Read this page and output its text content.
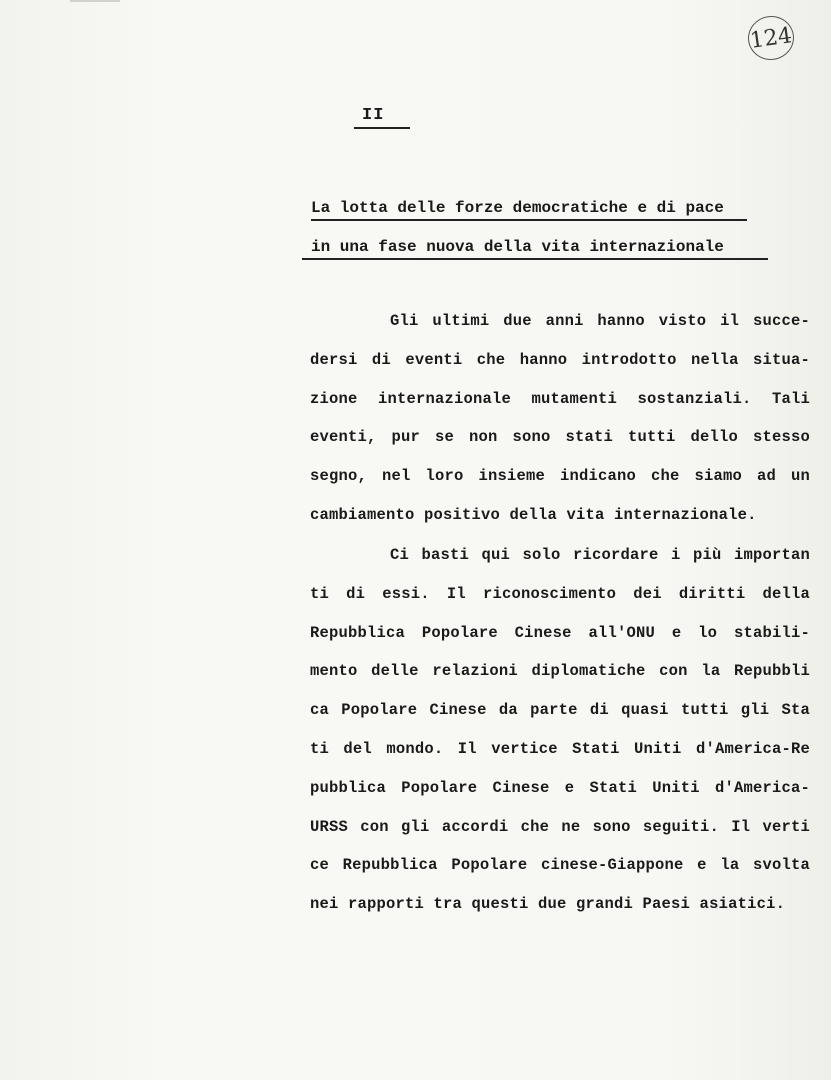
124
II
La lotta delle forze democratiche e di pace
in una fase nuova della vita internazionale
Gli ultimi due anni hanno visto il succe-
dersi di eventi che hanno introdotto nella situa-
zione internazionale mutamenti sostanziali. Tali
eventi, pur se non sono stati tutti dello stesso
segno, nel loro insieme indicano che siamo ad un
cambiamento positivo della vita internazionale.
Ci basti qui solo ricordare i più importan
ti di essi. Il riconoscimento dei diritti della
Repubblica Popolare Cinese all'ONU e lo stabili-
mento delle relazioni diplomatiche con la Repubbli
ca Popolare Cinese da parte di quasi tutti gli Sta
ti del mondo. Il vertice Stati Uniti d'America-Re
pubblica Popolare Cinese e Stati Uniti d'America-
URSS con gli accordi che ne sono seguiti. Il verti
ce Repubblica Popolare cinese-Giappone e la svolta
nei rapporti tra questi due grandi Paesi asiatici.
